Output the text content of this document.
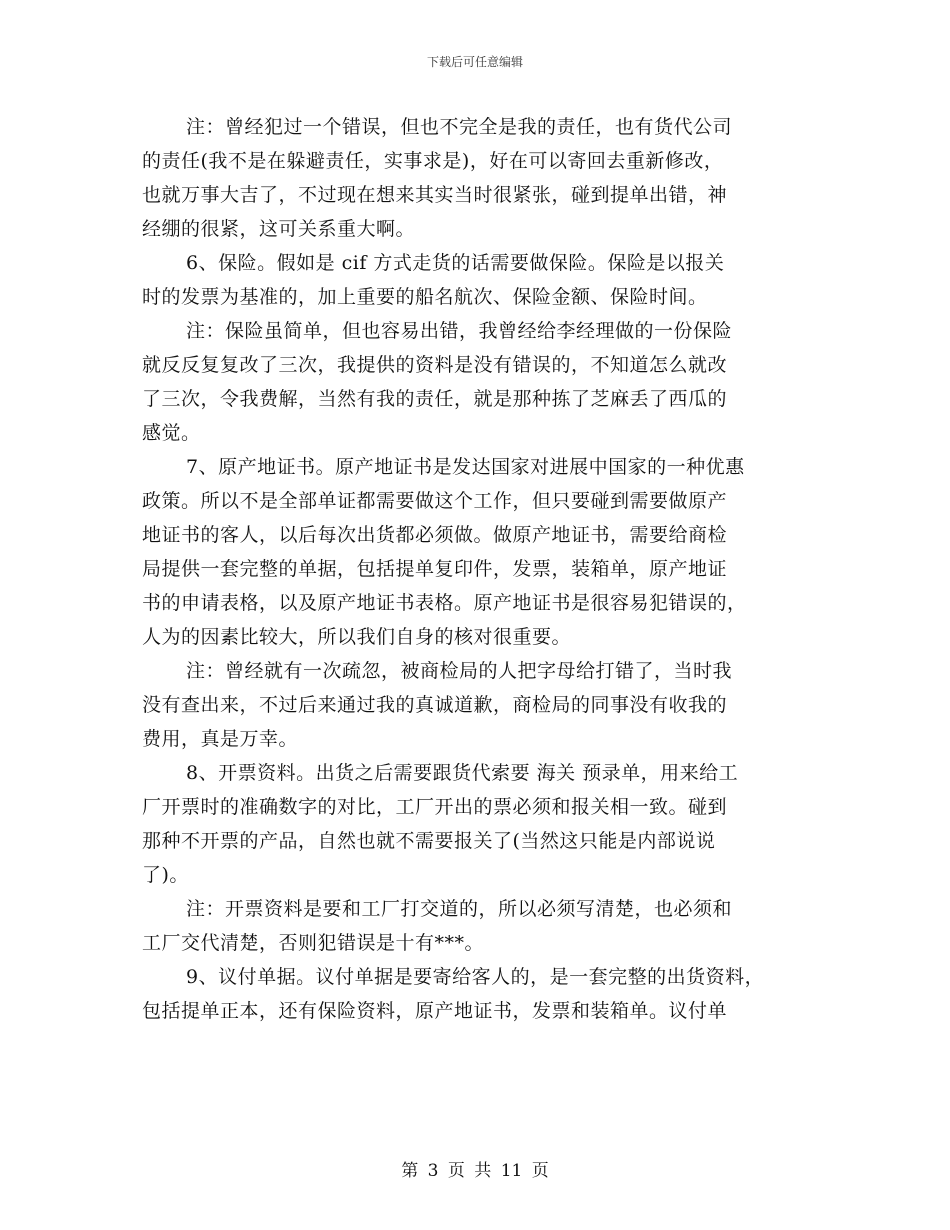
下载后可任意编辑
注：曾经犯过一个错误，但也不完全是我的责任，也有货代公司
的责任(我不是在躲避责任，实事求是)，好在可以寄回去重新修改，
也就万事大吉了，不过现在想来其实当时很紧张，碰到提单出错，神
经绷的很紧，这可关系重大啊。
6、保险。假如是 cif 方式走货的话需要做保险。保险是以报关
时的发票为基准的，加上重要的船名航次、保险金额、保险时间。
注：保险虽简单，但也容易出错，我曾经给李经理做的一份保险
就反反复复改了三次，我提供的资料是没有错误的，不知道怎么就改
了三次，令我费解，当然有我的责任，就是那种拣了芝麻丢了西瓜的
感觉。
7、原产地证书。原产地证书是发达国家对进展中国家的一种优惠
政策。所以不是全部单证都需要做这个工作，但只要碰到需要做原产
地证书的客人，以后每次出货都必须做。做原产地证书，需要给商检
局提供一套完整的单据，包括提单复印件，发票，装箱单，原产地证
书的申请表格，以及原产地证书表格。原产地证书是很容易犯错误的，
人为的因素比较大，所以我们自身的核对很重要。
注：曾经就有一次疏忽，被商检局的人把字母给打错了，当时我
没有查出来，不过后来通过我的真诚道歉，商检局的同事没有收我的
费用，真是万幸。
8、开票资料。出货之后需要跟货代索要 海关 预录单，用来给工
厂开票时的准确数字的对比，工厂开出的票必须和报关相一致。碰到
那种不开票的产品，自然也就不需要报关了(当然这只能是内部说说
了)。
注：开票资料是要和工厂打交道的，所以必须写清楚，也必须和
工厂交代清楚，否则犯错误是十有***。
9、议付单据。议付单据是要寄给客人的，是一套完整的出货资料，
包括提单正本，还有保险资料，原产地证书，发票和装箱单。议付单
第 3 页 共 11 页
